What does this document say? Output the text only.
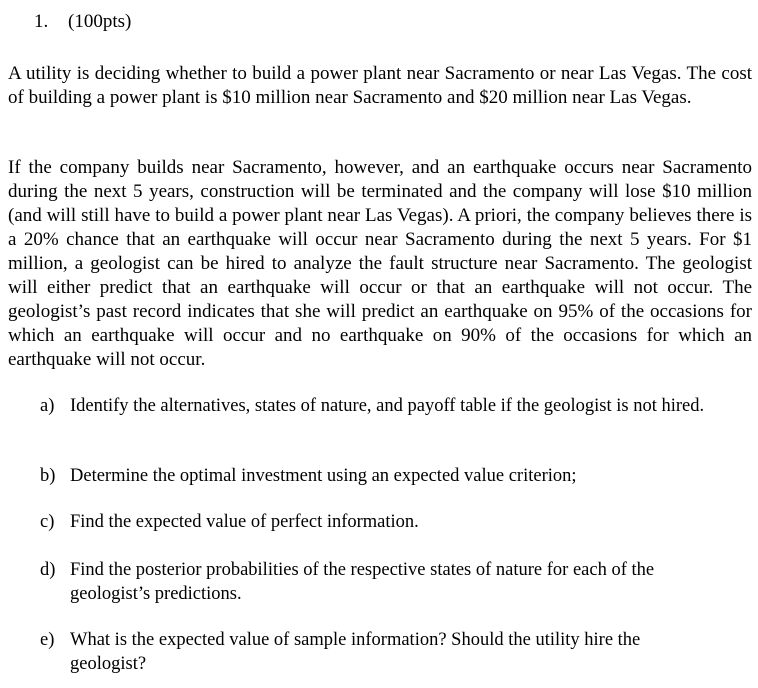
1. (100pts)

A utility is deciding whether to build a power plant near Sacramento or near Las Vegas. The cost of building a power plant is $10 million near Sacramento and $20 million near Las Vegas.

If the company builds near Sacramento, however, and an earthquake occurs near Sacramento during the next 5 years, construction will be terminated and the company will lose $10 million (and will still have to build a power plant near Las Vegas). A priori, the company believes there is a 20% chance that an earthquake will occur near Sacramento during the next 5 years. For $1 million, a geologist can be hired to analyze the fault structure near Sacramento. The geologist will either predict that an earthquake will occur or that an earthquake will not occur. The geologist’s past record indicates that she will predict an earthquake on 95% of the occasions for which an earthquake will occur and no earthquake on 90% of the occasions for which an earthquake will not occur.

a) Identify the alternatives, states of nature, and payoff table if the geologist is not hired.
b) Determine the optimal investment using an expected value criterion;
c) Find the expected value of perfect information.
d) Find the posterior probabilities of the respective states of nature for each of the geologist’s predictions.
e) What is the expected value of sample information? Should the utility hire the geologist?
